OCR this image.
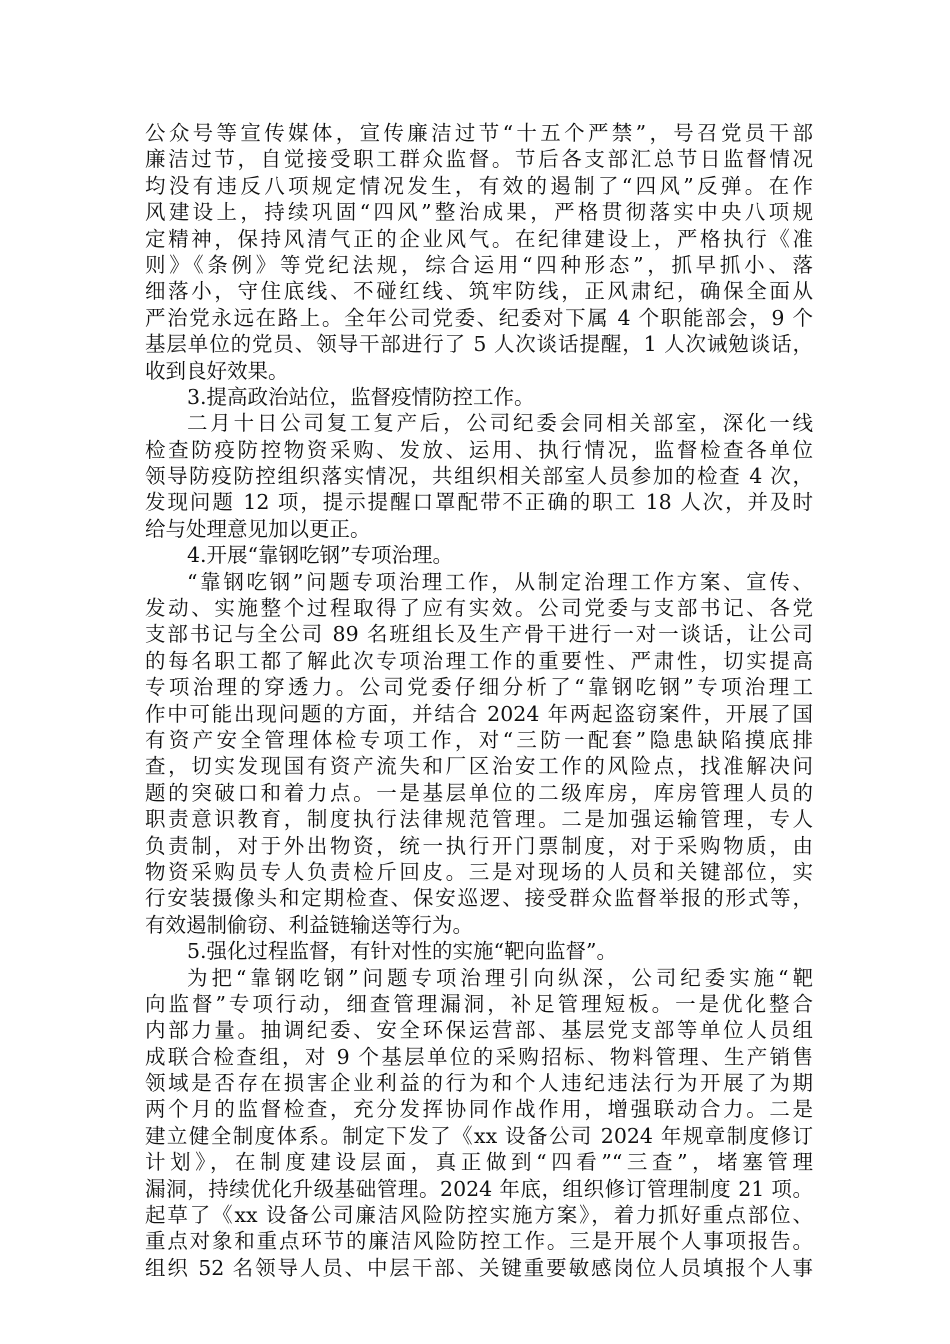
公众号等宣传媒体，宣传廉洁过节“十五个严禁”，号召党员干部
廉洁过节，自觉接受职工群众监督。节后各支部汇总节日监督情况
均没有违反八项规定情况发生，有效的遏制了“四风”反弹。在作
风建设上，持续巩固“四风”整治成果，严格贯彻落实中央八项规
定精神，保持风清气正的企业风气。在纪律建设上，严格执行《准
则》《条例》等党纪法规，综合运用“四种形态”，抓早抓小、落
细落小，守住底线、不碰红线、筑牢防线，正风肃纪，确保全面从
严治党永远在路上。全年公司党委、纪委对下属 4 个职能部会，9 个
基层单位的党员、领导干部进行了 5 人次谈话提醒，1 人次诫勉谈话，
收到良好效果。
3.提高政治站位，监督疫情防控工作。
二月十日公司复工复产后，公司纪委会同相关部室，深化一线
检查防疫防控物资采购、发放、运用、执行情况，监督检查各单位
领导防疫防控组织落实情况，共组织相关部室人员参加的检查 4 次，
发现问题 12 项，提示提醒口罩配带不正确的职工 18 人次，并及时
给与处理意见加以更正。
4.开展“靠钢吃钢”专项治理。
“靠钢吃钢”问题专项治理工作，从制定治理工作方案、宣传、
发动、实施整个过程取得了应有实效。公司党委与支部书记、各党
支部书记与全公司 89 名班组长及生产骨干进行一对一谈话，让公司
的每名职工都了解此次专项治理工作的重要性、严肃性，切实提高
专项治理的穿透力。公司党委仔细分析了“靠钢吃钢”专项治理工
作中可能出现问题的方面，并结合 2024 年两起盗窃案件，开展了国
有资产安全管理体检专项工作，对“三防一配套”隐患缺陷摸底排
查，切实发现国有资产流失和厂区治安工作的风险点，找准解决问
题的突破口和着力点。一是基层单位的二级库房，库房管理人员的
职责意识教育，制度执行法律规范管理。二是加强运输管理，专人
负责制，对于外出物资，统一执行开门票制度，对于采购物质，由
物资采购员专人负责检斤回皮。三是对现场的人员和关键部位，实
行安装摄像头和定期检查、保安巡逻、接受群众监督举报的形式等，
有效遏制偷窃、利益链输送等行为。
5.强化过程监督，有针对性的实施“靶向监督”。
为把“靠钢吃钢”问题专项治理引向纵深，公司纪委实施“靶
向监督”专项行动，细查管理漏洞，补足管理短板。一是优化整合
内部力量。抽调纪委、安全环保运营部、基层党支部等单位人员组
成联合检查组，对 9 个基层单位的采购招标、物料管理、生产销售
领域是否存在损害企业利益的行为和个人违纪违法行为开展了为期
两个月的监督检查，充分发挥协同作战作用，增强联动合力。二是
建立健全制度体系。制定下发了《xx 设备公司 2024 年规章制度修订
计划》，在制度建设层面，真正做到“四看”“三查”，堵塞管理
漏洞，持续优化升级基础管理。2024 年底，组织修订管理制度 21 项。
起草了《xx 设备公司廉洁风险防控实施方案》，着力抓好重点部位、
重点对象和重点环节的廉洁风险防控工作。三是开展个人事项报告。
组织 52 名领导人员、中层干部、关键重要敏感岗位人员填报个人事
